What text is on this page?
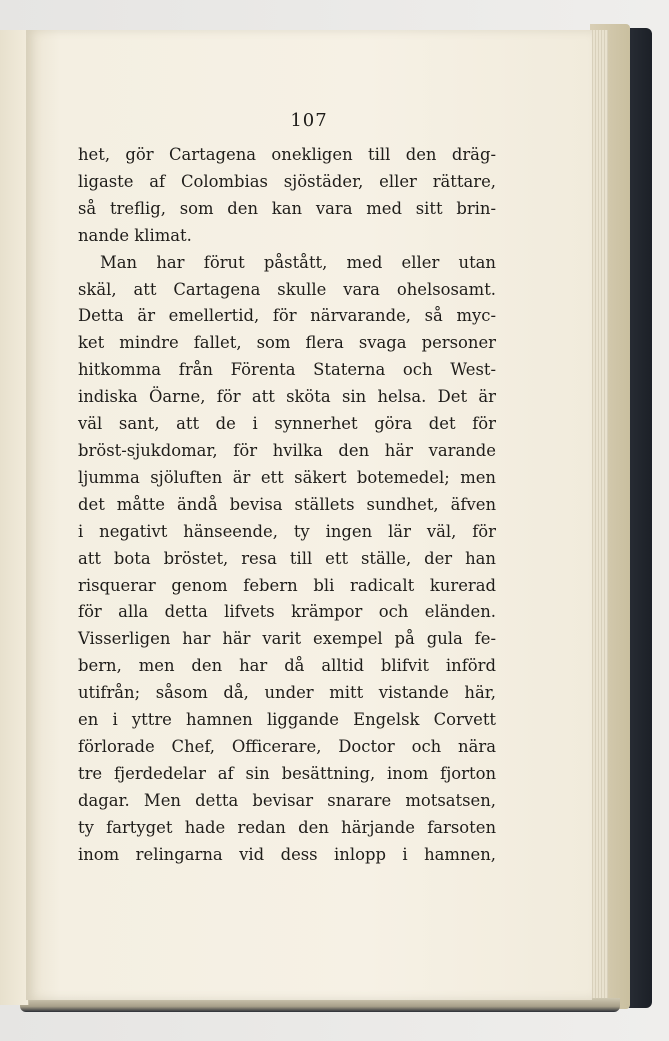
107
het, gör Cartagena onekligen till den dräg-
ligaste af Colombias sjöstäder, eller rättare,
så treflig, som den kan vara med sitt brin-
nande klimat.
Man har förut påstått, med eller utan
skäl, att Cartagena skulle vara ohelsosamt.
Detta är emellertid, för närvarande, så myc-
ket mindre fallet, som flera svaga personer
hitkomma från Förenta Staterna och West-
indiska Öarne, för att sköta sin helsa. Det är
väl sant, att de i synnerhet göra det för
bröst-sjukdomar, för hvilka den här varande
ljumma sjöluften är ett säkert botemedel; men
det måtte ändå bevisa ställets sundhet, äfven
i negativt hänseende, ty ingen lär väl, för
att bota bröstet, resa till ett ställe, der han
risquerar genom febern bli radicalt kurerad
för alla detta lifvets krämpor och eländen.
Visserligen har här varit exempel på gula fe-
bern, men den har då alltid blifvit införd
utifrån; såsom då, under mitt vistande här,
en i yttre hamnen liggande Engelsk Corvett
förlorade Chef, Officerare, Doctor och nära
tre fjerdedelar af sin besättning, inom fjorton
dagar. Men detta bevisar snarare motsatsen,
ty fartyget hade redan den härjande farsoten
inom relingarna vid dess inlopp i hamnen,
